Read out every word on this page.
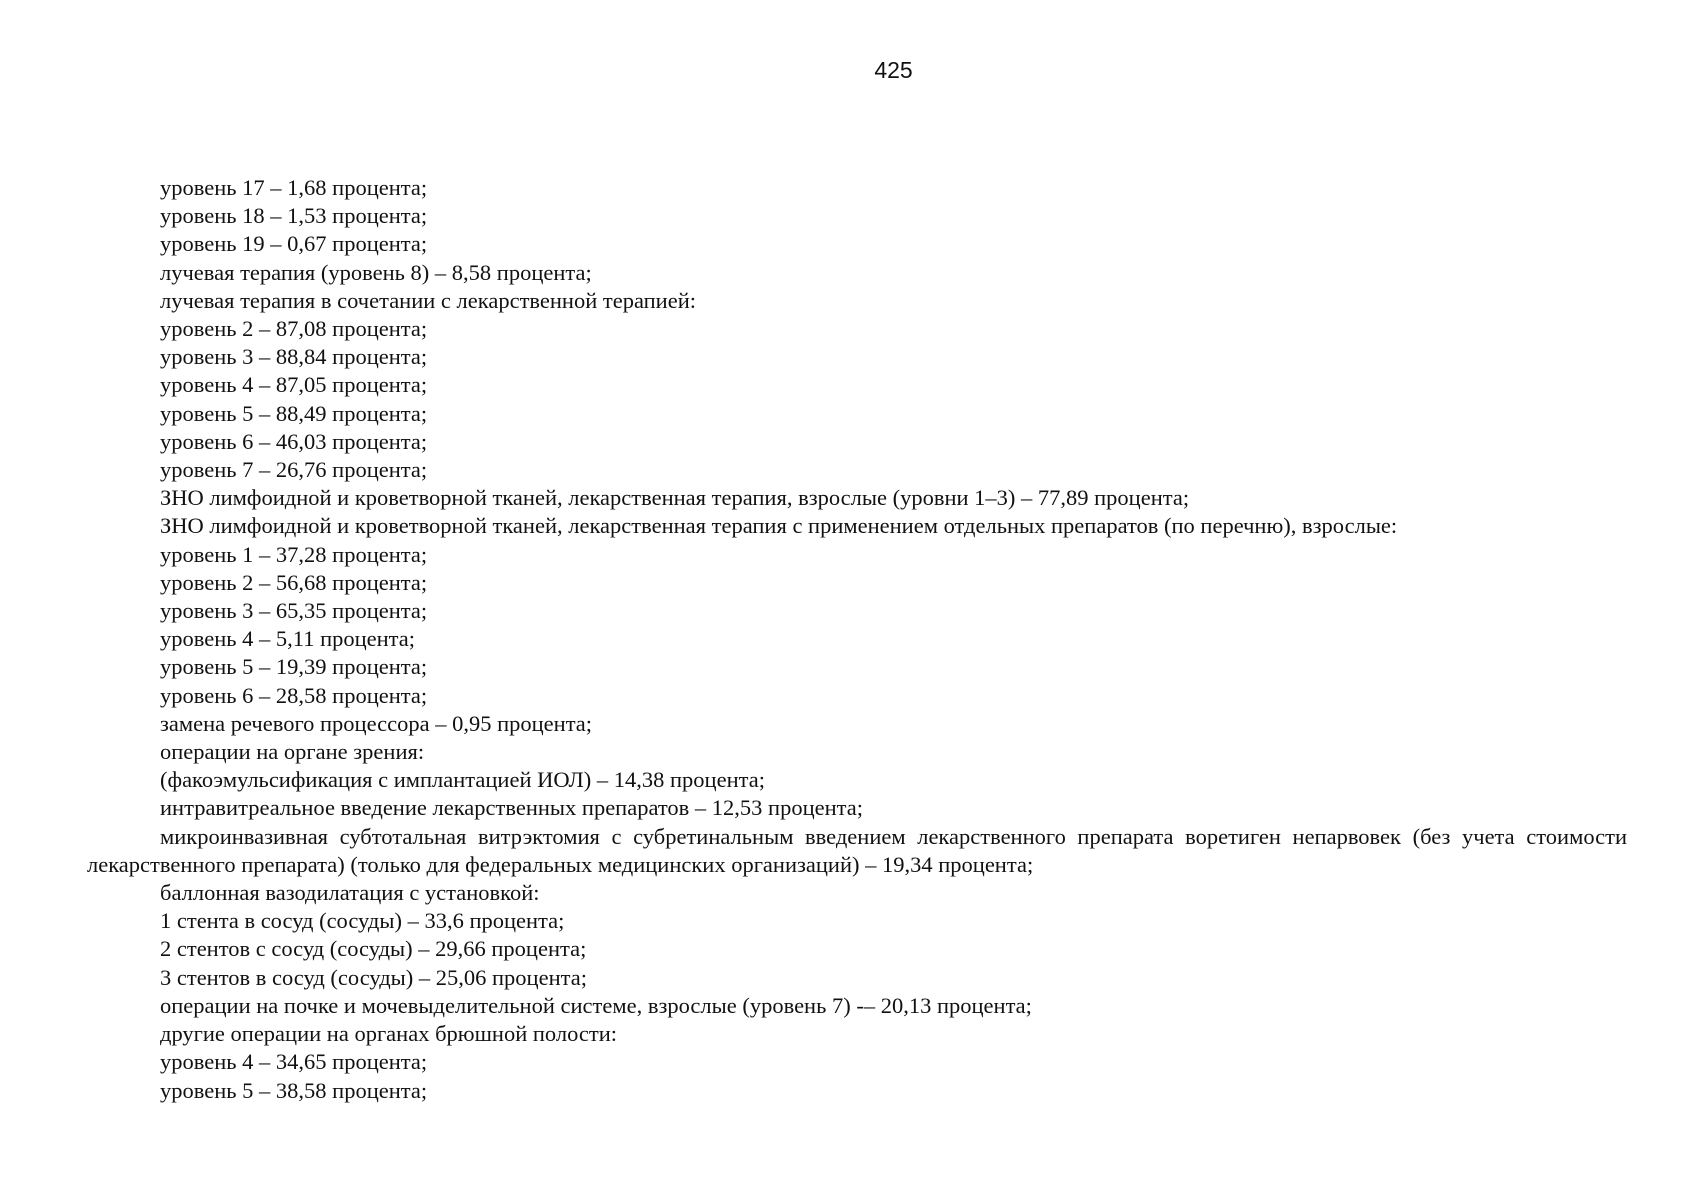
425
уровень 17 – 1,68 процента;
уровень 18 – 1,53 процента;
уровень 19 – 0,67 процента;
лучевая терапия (уровень 8) – 8,58 процента;
лучевая терапия в сочетании с лекарственной терапией:
уровень 2 – 87,08 процента;
уровень 3 – 88,84 процента;
уровень 4 – 87,05 процента;
уровень 5 – 88,49 процента;
уровень 6 – 46,03 процента;
уровень 7 – 26,76 процента;
ЗНО лимфоидной и кроветворной тканей, лекарственная терапия, взрослые (уровни 1–3) – 77,89 процента;
ЗНО лимфоидной и кроветворной тканей, лекарственная терапия с применением отдельных препаратов (по перечню), взрослые:
уровень 1 – 37,28 процента;
уровень 2 – 56,68 процента;
уровень 3 – 65,35 процента;
уровень 4 – 5,11 процента;
уровень 5 – 19,39 процента;
уровень 6 – 28,58 процента;
замена речевого процессора – 0,95 процента;
операции на органе зрения:
(факоэмульсификация с имплантацией ИОЛ) – 14,38 процента;
интравитреальное введение лекарственных препаратов – 12,53 процента;
микроинвазивная субтотальная витрэктомия с субретинальным введением лекарственного препарата воретиген непарвовек (без учета стоимости лекарственного препарата) (только для федеральных медицинских организаций) – 19,34 процента;
баллонная вазодилатация с установкой:
1 стента в сосуд (сосуды) – 33,6 процента;
2 стентов с сосуд (сосуды) – 29,66 процента;
3 стентов в сосуд (сосуды) – 25,06 процента;
операции на почке и мочевыделительной системе, взрослые (уровень 7) -– 20,13 процента;
другие операции на органах брюшной полости:
уровень 4 – 34,65 процента;
уровень 5 – 38,58 процента;
